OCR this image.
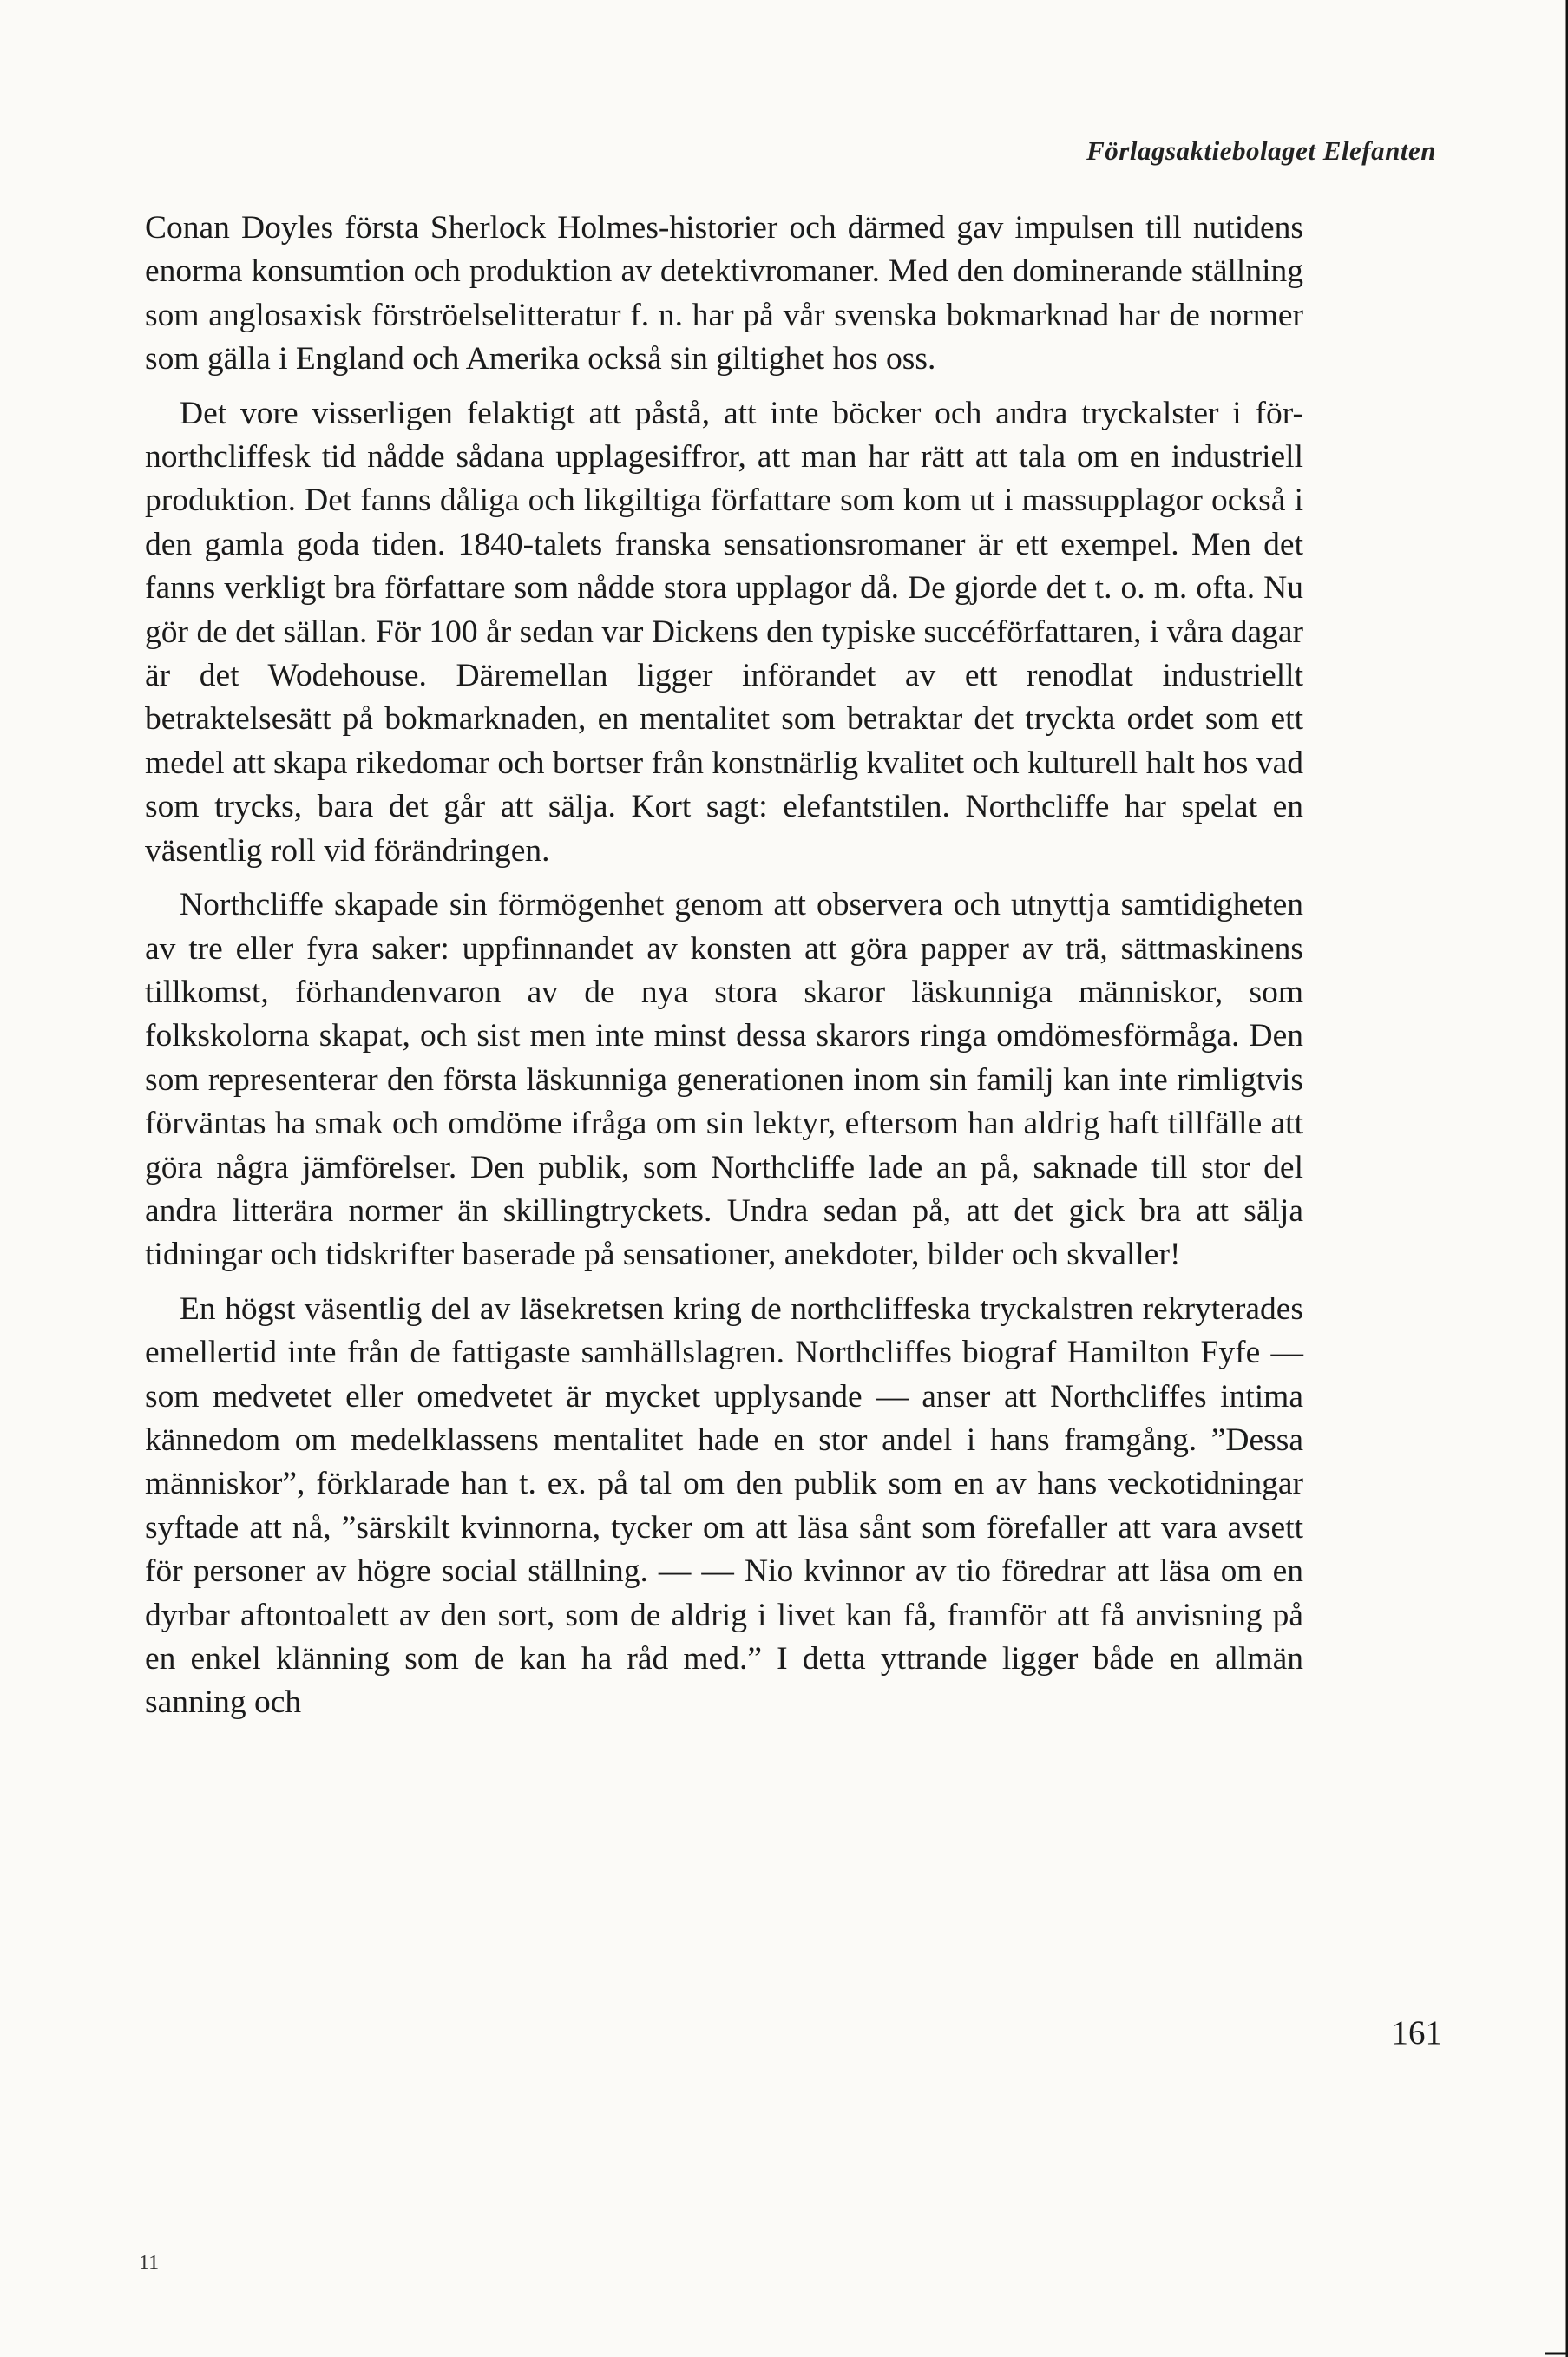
Förlagsaktiebolaget Elefanten

Conan Doyles första Sherlock Holmes-historier och därmed gav impulsen till nutidens enorma konsumtion och produktion av detektivromaner. Med den dominerande ställning som anglosaxisk förströelselitteratur f. n. har på vår svenska bokmarknad har de normer som gälla i England och Amerika också sin giltighet hos oss.

Det vore visserligen felaktigt att påstå, att inte böcker och andra tryckalster i för-northcliffesk tid nådde sådana upplagesiffror, att man har rätt att tala om en industriell produktion. Det fanns dåliga och likgiltiga författare som kom ut i massupplagor också i den gamla goda tiden. 1840-talets franska sensationsromaner är ett exempel. Men det fanns verkligt bra författare som nådde stora upplagor då. De gjorde det t. o. m. ofta. Nu gör de det sällan. För 100 år sedan var Dickens den typiske succéförfattaren, i våra dagar är det Wodehouse. Däremellan ligger införandet av ett renodlat industriellt betraktelsesätt på bokmarknaden, en mentalitet som betraktar det tryckta ordet som ett medel att skapa rikedomar och bortser från konstnärlig kvalitet och kulturell halt hos vad som trycks, bara det går att sälja. Kort sagt: elefantstilen. Northcliffe har spelat en väsentlig roll vid förändringen.

Northcliffe skapade sin förmögenhet genom att observera och utnyttja samtidigheten av tre eller fyra saker: uppfinnandet av konsten att göra papper av trä, sättmaskinens tillkomst, förhandenvaron av de nya stora skaror läskunniga människor, som folkskolorna skapat, och sist men inte minst dessa skarors ringa omdömesförmåga. Den som representerar den första läskunniga generationen inom sin familj kan inte rimligtvis förväntas ha smak och omdöme ifråga om sin lektyr, eftersom han aldrig haft tillfälle att göra några jämförelser. Den publik, som Northcliffe lade an på, saknade till stor del andra litterära normer än skillingtryckets. Undra sedan på, att det gick bra att sälja tidningar och tidskrifter baserade på sensationer, anekdoter, bilder och skvaller!

En högst väsentlig del av läsekretsen kring de northcliffeska tryckalstren rekryterades emellertid inte från de fattigaste samhällslagren. Northcliffes biograf Hamilton Fyfe — som medvetet eller omedvetet är mycket upplysande — anser att Northcliffes intima kännedom om medelklassens mentalitet hade en stor andel i hans framgång. ”Dessa människor”, förklarade han t. ex. på tal om den publik som en av hans veckotidningar syftade att nå, ”särskilt kvinnorna, tycker om att läsa sånt som förefaller att vara avsett för personer av högre social ställning. — — Nio kvinnor av tio föredrar att läsa om en dyrbar aftontoalett av den sort, som de aldrig i livet kan få, framför att få anvisning på en enkel klänning som de kan ha råd med.” I detta yttrande ligger både en allmän sanning och

161
11
